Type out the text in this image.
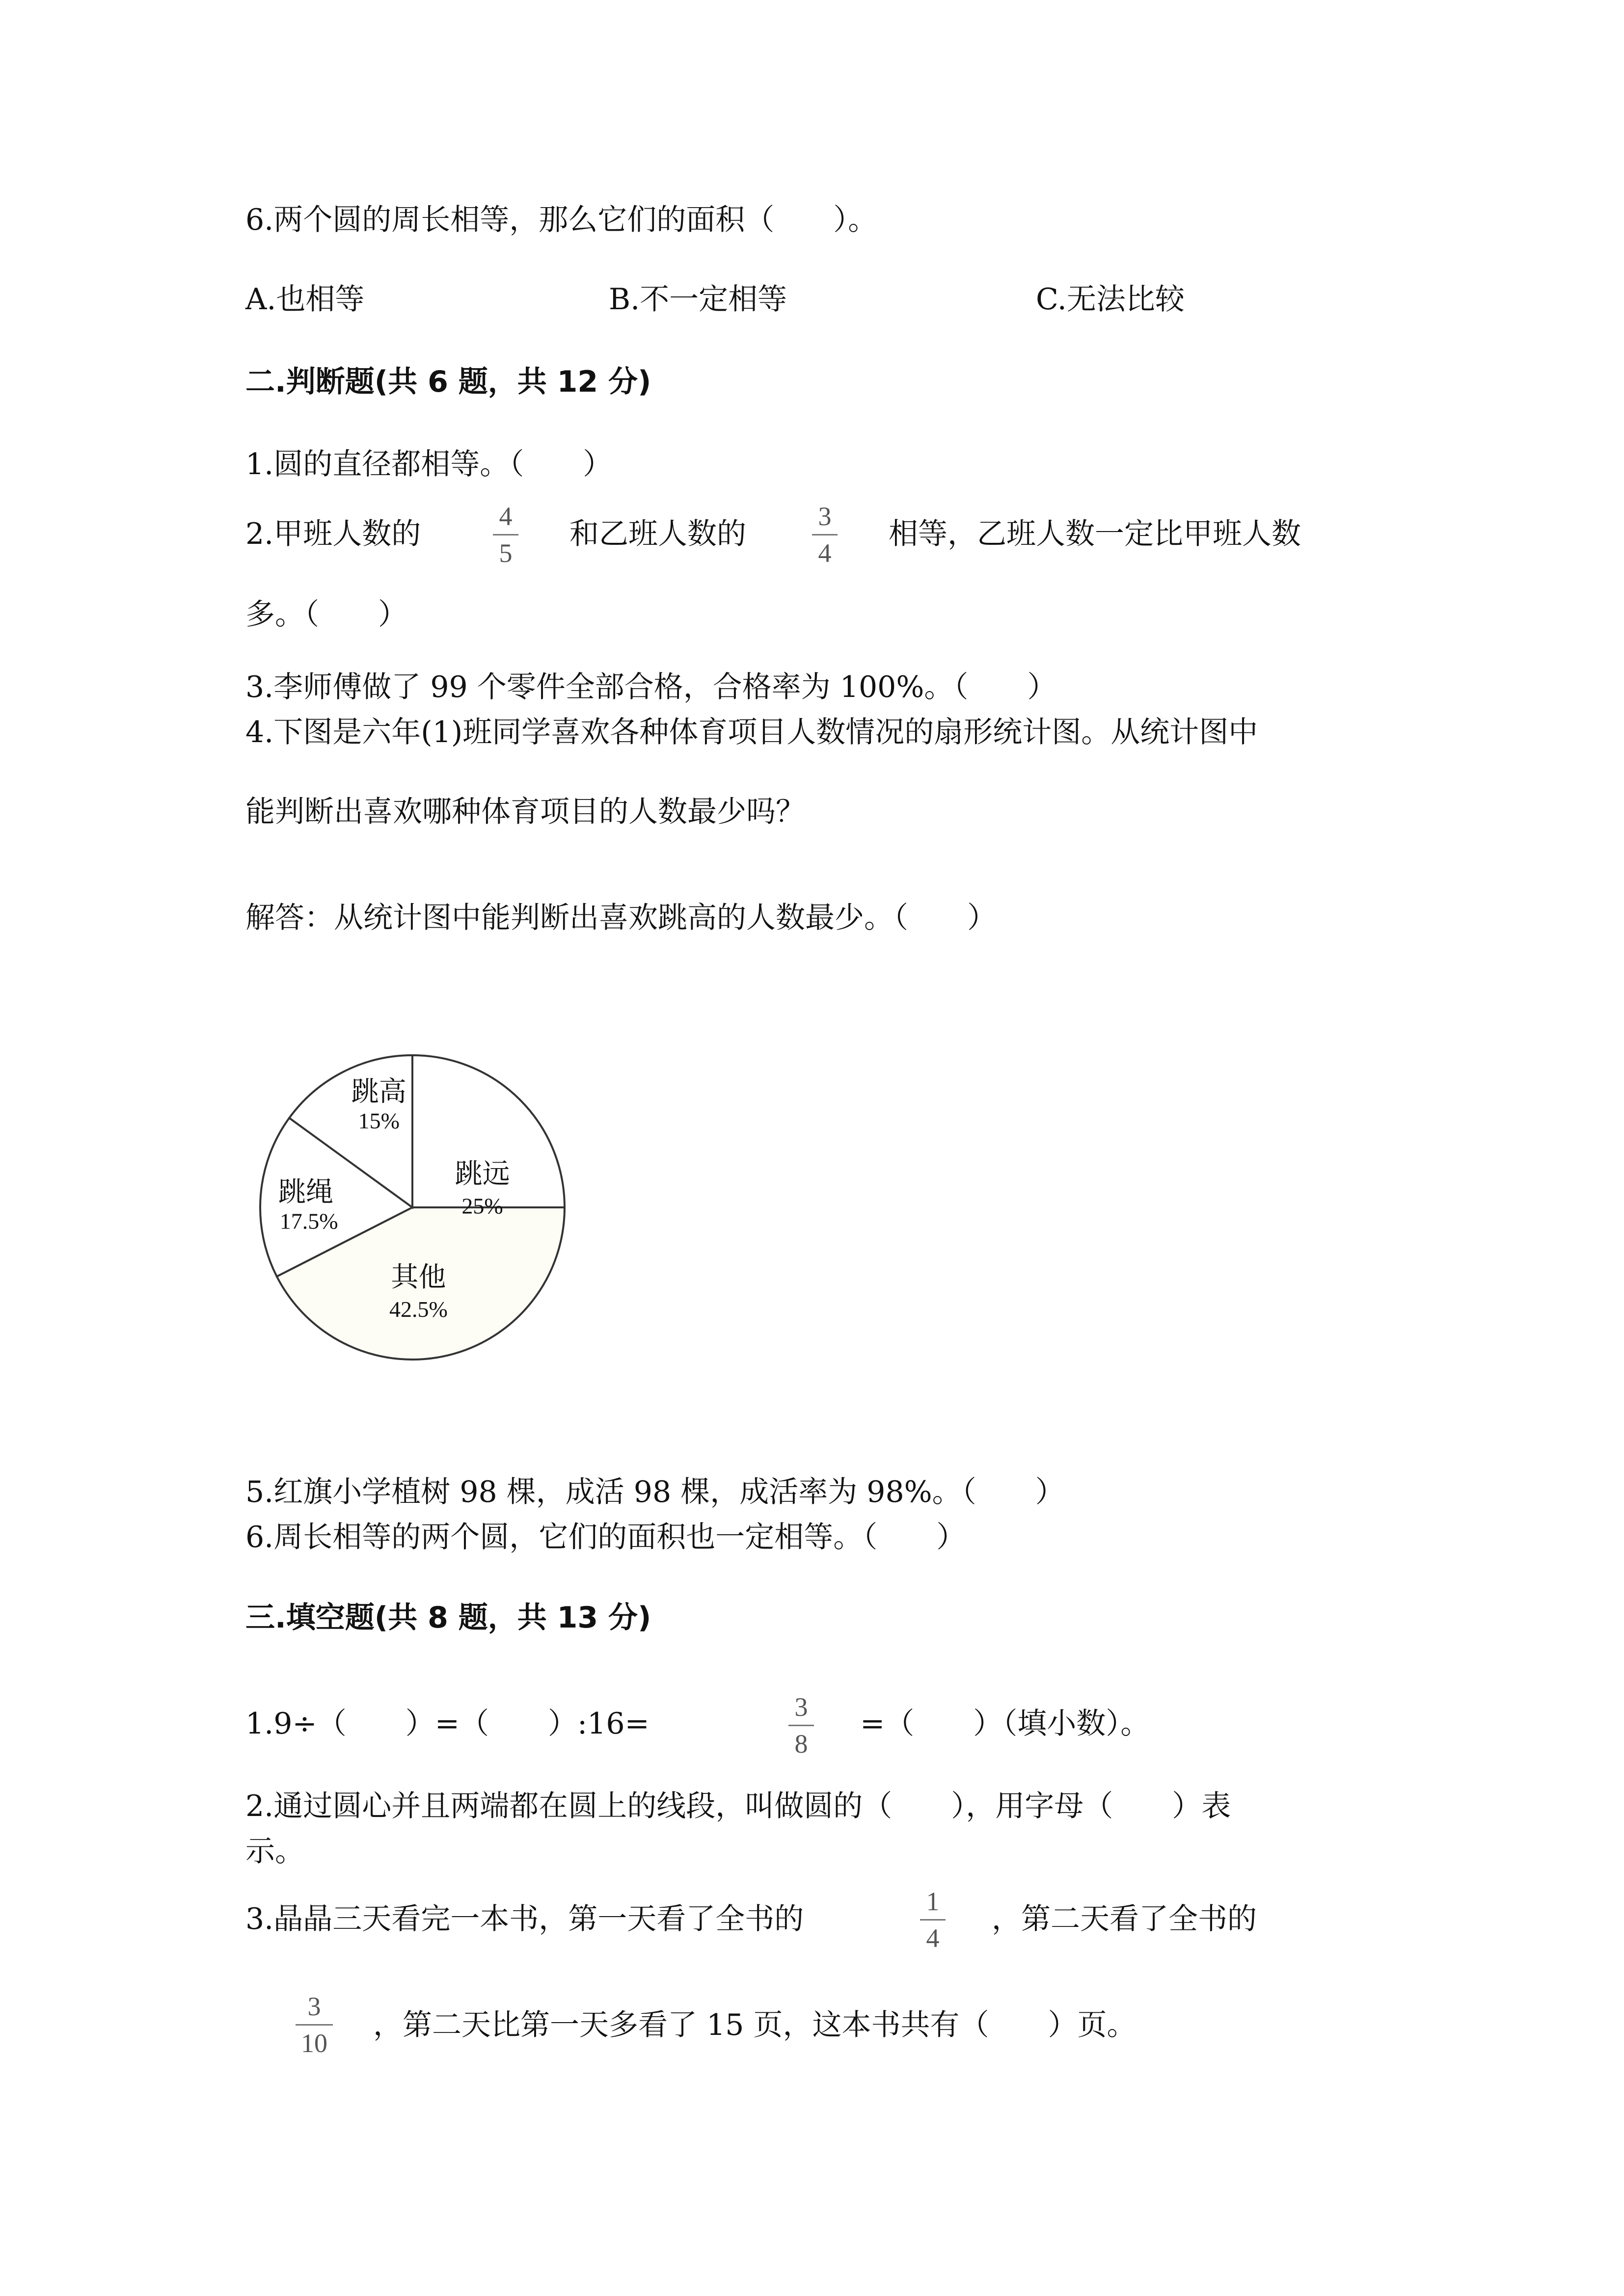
6.两个圆的周长相等，那么它们的面积（　　）。
A.也相等	B.不一定相等	C.无法比较
二.判断题(共 6 题，共 12 分)
1.圆的直径都相等。（　　）
2.甲班人数的
4
5
和乙班人数的
3
4
相等，乙班人数一定比甲班人数
多。（　　）
3.李师傅做了 99 个零件全部合格，合格率为 100%。（　　）
4.下图是六年(1)班同学喜欢各种体育项目人数情况的扇形统计图。从统计图中
能判断出喜欢哪种体育项目的人数最少吗？
解答：从统计图中能判断出喜欢跳高的人数最少。（　　）
跳远
25%
其他
42.5%
跳绳
17.5%
跳高
15%
5.红旗小学植树 98 棵，成活 98 棵，成活率为 98%。（　　）
6.周长相等的两个圆，它们的面积也一定相等。（　　）
三.填空题(共 8 题，共 13 分)
1.9÷（　　）=（　　）:16=	3
8
=（　　）（填小数）。
2.通过圆心并且两端都在圆上的线段，叫做圆的（　　），用字母（　　）表
示。
3.晶晶三天看完一本书，第一天看了全书的
1
4
，第二天看了全书的
3
10
，第二天比第一天多看了 15 页，这本书共有（　　）页。
